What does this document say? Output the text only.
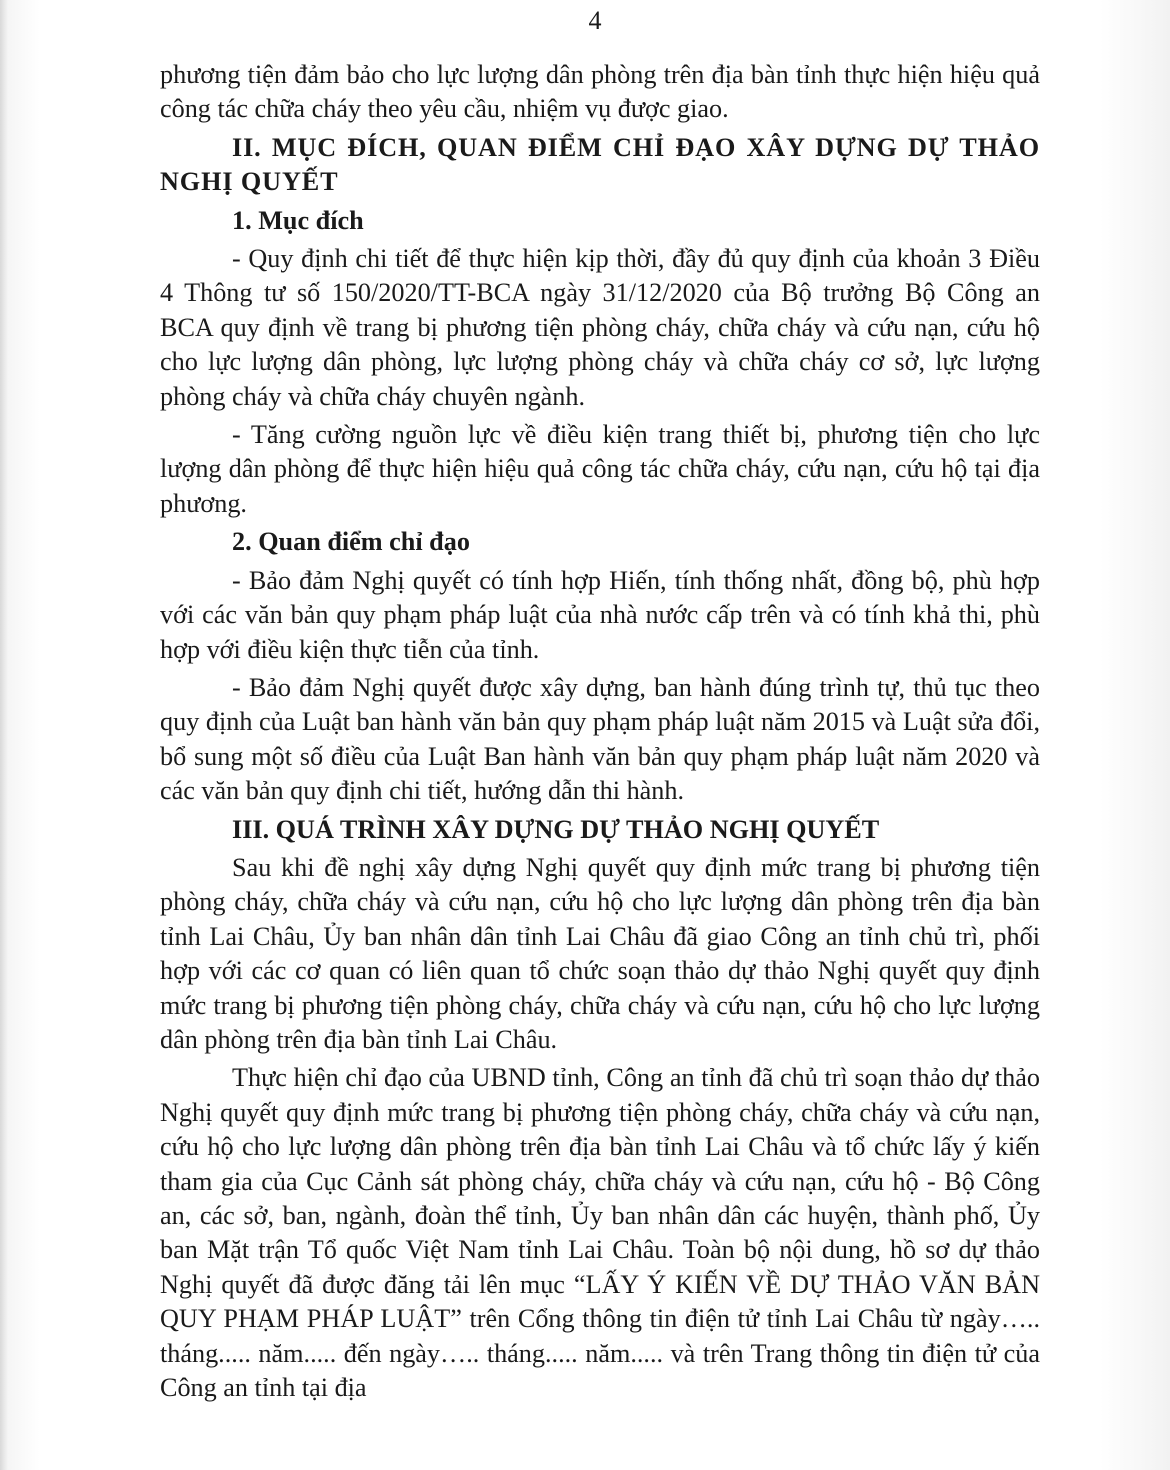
4

phương tiện đảm bảo cho lực lượng dân phòng trên địa bàn tỉnh thực hiện hiệu quả công tác chữa cháy theo yêu cầu, nhiệm vụ được giao.

II. MỤC ĐÍCH, QUAN ĐIỂM CHỈ ĐẠO XÂY DỰNG DỰ THẢO NGHỊ QUYẾT

1. Mục đích

- Quy định chi tiết để thực hiện kịp thời, đầy đủ quy định của khoản 3 Điều 4 Thông tư số 150/2020/TT-BCA ngày 31/12/2020 của Bộ trưởng Bộ Công an BCA quy định về trang bị phương tiện phòng cháy, chữa cháy và cứu nạn, cứu hộ cho lực lượng dân phòng, lực lượng phòng cháy và chữa cháy cơ sở, lực lượng phòng cháy và chữa cháy chuyên ngành.

- Tăng cường nguồn lực về điều kiện trang thiết bị, phương tiện cho lực lượng dân phòng để thực hiện hiệu quả công tác chữa cháy, cứu nạn, cứu hộ tại địa phương.

2. Quan điểm chỉ đạo

- Bảo đảm Nghị quyết có tính hợp Hiến, tính thống nhất, đồng bộ, phù hợp với các văn bản quy phạm pháp luật của nhà nước cấp trên và có tính khả thi, phù hợp với điều kiện thực tiễn của tỉnh.

- Bảo đảm Nghị quyết được xây dựng, ban hành đúng trình tự, thủ tục theo quy định của Luật ban hành văn bản quy phạm pháp luật năm 2015 và Luật sửa đổi, bổ sung một số điều của Luật Ban hành văn bản quy phạm pháp luật năm 2020 và các văn bản quy định chi tiết, hướng dẫn thi hành.

III. QUÁ TRÌNH XÂY DỰNG DỰ THẢO NGHỊ QUYẾT

Sau khi đề nghị xây dựng Nghị quyết quy định mức trang bị phương tiện phòng cháy, chữa cháy và cứu nạn, cứu hộ cho lực lượng dân phòng trên địa bàn tỉnh Lai Châu, Ủy ban nhân dân tỉnh Lai Châu đã giao Công an tỉnh chủ trì, phối hợp với các cơ quan có liên quan tổ chức soạn thảo dự thảo Nghị quyết quy định mức trang bị phương tiện phòng cháy, chữa cháy và cứu nạn, cứu hộ cho lực lượng dân phòng trên địa bàn tỉnh Lai Châu.

Thực hiện chỉ đạo của UBND tỉnh, Công an tỉnh đã chủ trì soạn thảo dự thảo Nghị quyết quy định mức trang bị phương tiện phòng cháy, chữa cháy và cứu nạn, cứu hộ cho lực lượng dân phòng trên địa bàn tỉnh Lai Châu và tổ chức lấy ý kiến tham gia của Cục Cảnh sát phòng cháy, chữa cháy và cứu nạn, cứu hộ - Bộ Công an, các sở, ban, ngành, đoàn thể tỉnh, Ủy ban nhân dân các huyện, thành phố, Ủy ban Mặt trận Tổ quốc Việt Nam tỉnh Lai Châu. Toàn bộ nội dung, hồ sơ dự thảo Nghị quyết đã được đăng tải lên mục “LẤY Ý KIẾN VỀ DỰ THẢO VĂN BẢN QUY PHẠM PHÁP LUẬT” trên Cổng thông tin điện tử tỉnh Lai Châu từ ngày….. tháng..... năm..... đến ngày….. tháng..... năm..... và trên Trang thông tin điện tử của Công an tỉnh tại địa
